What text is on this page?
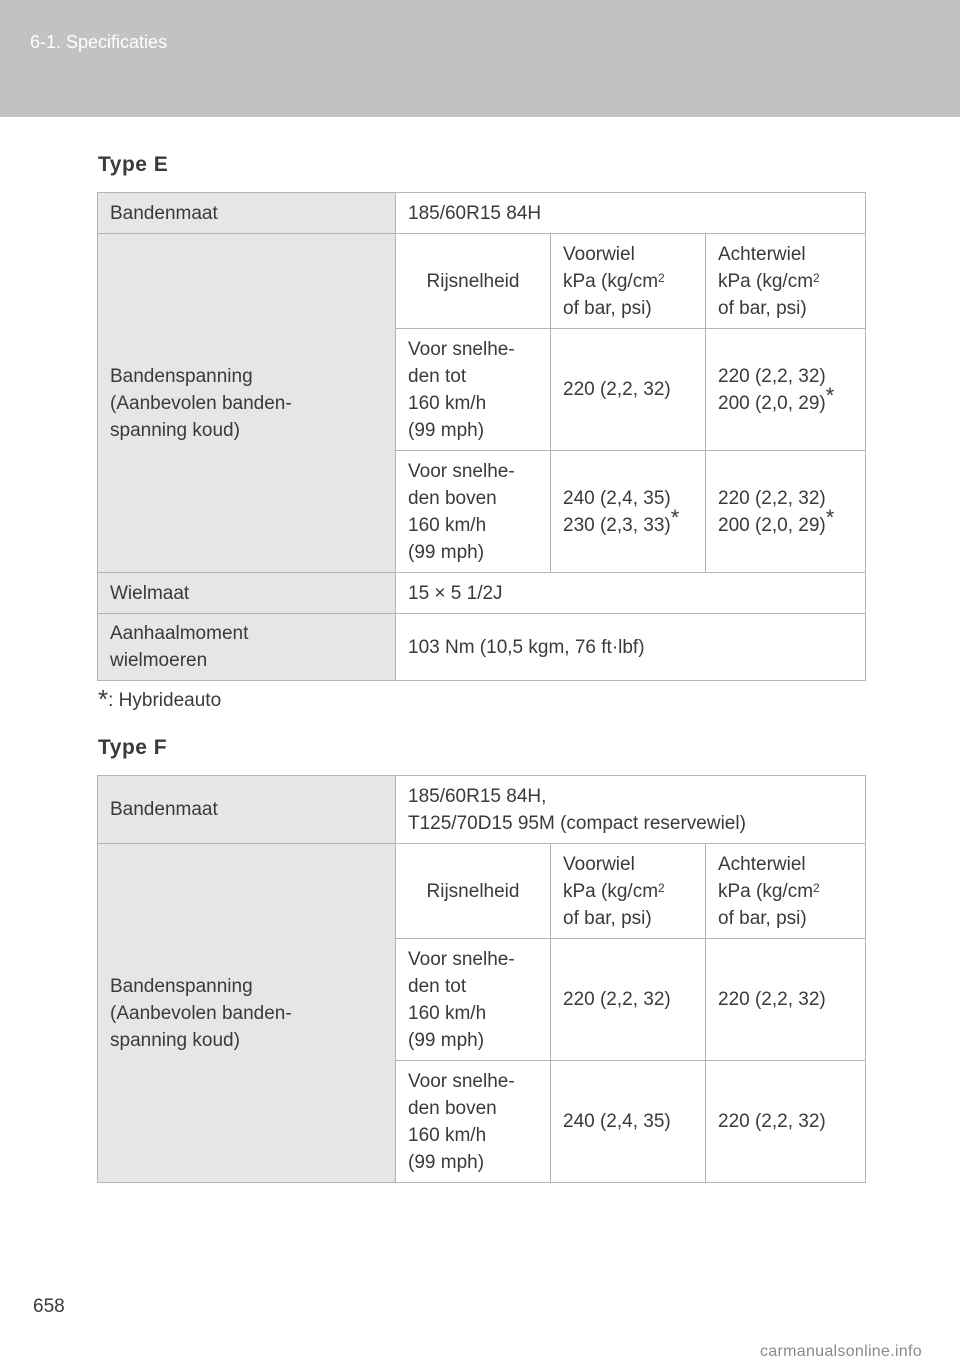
6-1. Specificaties
Type E
Bandenmaat	185/60R15 84H		

Bandenspanning
(Aanbevolen banden-
spanning koud)	Rijsnelheid	Voorwiel
kPa ($kg/cm^2$
of bar, psi)	Achterwiel
kPa ($kg/cm^2$
of bar, psi)

	Voor snelhe-
den tot
160 km/h
(99 mph)	220 (2,2, 32)	220 (2,2, 32)
200 (2,0, 29)*

	Voor snelhe-
den boven
160 km/h
(99 mph)	240 (2,4, 35)
230 (2,3, 33)*	220 (2,2, 32)
200 (2,0, 29)*

Wielmaat	15 × 5 1/2J		

Aanhaalmoment
wielmoeren	103 Nm (10,5 kgm, 76 ft·lbf)		
*: Hybrideauto
Type F
Bandenmaat	185/60R15 84H,
T125/70D15 95M (compact reservewiel)		

Bandenspanning
(Aanbevolen banden-
spanning koud)	Rijsnelheid	Voorwiel
kPa ($kg/cm^2$
of bar, psi)	Achterwiel
kPa ($kg/cm^2$
of bar, psi)

	Voor snelhe-
den tot
160 km/h
(99 mph)	220 (2,2, 32)	220 (2,2, 32)

	Voor snelhe-
den boven
160 km/h
(99 mph)	240 (2,4, 35)	220 (2,2, 32)
658
carmanualsonline.info
